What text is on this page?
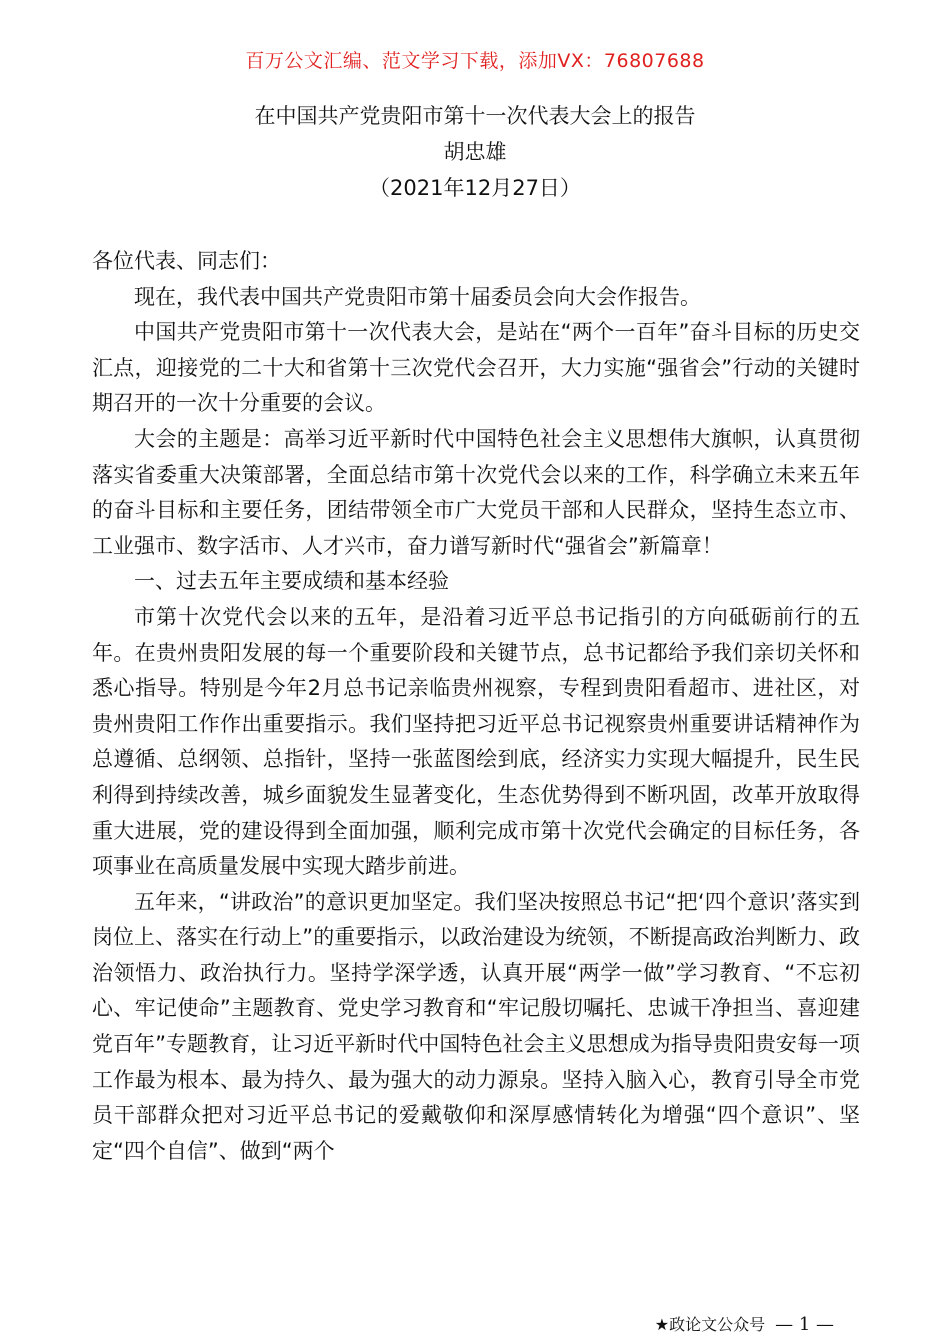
百万公文汇编、范文学习下载，添加VX：76807688
在中国共产党贵阳市第十一次代表大会上的报告
胡忠雄
（2021年12月27日）

各位代表、同志们：

现在，我代表中国共产党贵阳市第十届委员会向大会作报告。

中国共产党贵阳市第十一次代表大会，是站在“两个一百年”奋斗目标的历史交汇点，迎接党的二十大和省第十三次党代会召开，大力实施“强省会”行动的关键时期召开的一次十分重要的会议。

大会的主题是：高举习近平新时代中国特色社会主义思想伟大旗帜，认真贯彻落实省委重大决策部署，全面总结市第十次党代会以来的工作，科学确立未来五年的奋斗目标和主要任务，团结带领全市广大党员干部和人民群众，坚持生态立市、工业强市、数字活市、人才兴市，奋力谱写新时代“强省会”新篇章！

一、过去五年主要成绩和基本经验

市第十次党代会以来的五年，是沿着习近平总书记指引的方向砥砺前行的五年。在贵州贵阳发展的每一个重要阶段和关键节点，总书记都给予我们亲切关怀和悉心指导。特别是今年2月总书记亲临贵州视察，专程到贵阳看超市、进社区，对贵州贵阳工作作出重要指示。我们坚持把习近平总书记视察贵州重要讲话精神作为总遵循、总纲领、总指针，坚持一张蓝图绘到底，经济实力实现大幅提升，民生民利得到持续改善，城乡面貌发生显著变化，生态优势得到不断巩固，改革开放取得重大进展，党的建设得到全面加强，顺利完成市第十次党代会确定的目标任务，各项事业在高质量发展中实现大踏步前进。

五年来，“讲政治”的意识更加坚定。我们坚决按照总书记“把‘四个意识’落实到岗位上、落实在行动上”的重要指示，以政治建设为统领，不断提高政治判断力、政治领悟力、政治执行力。坚持学深学透，认真开展“两学一做”学习教育、“不忘初心、牢记使命”主题教育、党史学习教育和“牢记殷切嘱托、忠诚干净担当、喜迎建党百年”专题教育，让习近平新时代中国特色社会主义思想成为指导贵阳贵安每一项工作最为根本、最为持久、最为强大的动力源泉。坚持入脑入心，教育引导全市党员干部群众把对习近平总书记的爱戴敬仰和深厚感情转化为增强“四个意识”、坚定“四个自信”、做到“两个

★政论文公众号 — 1 —
